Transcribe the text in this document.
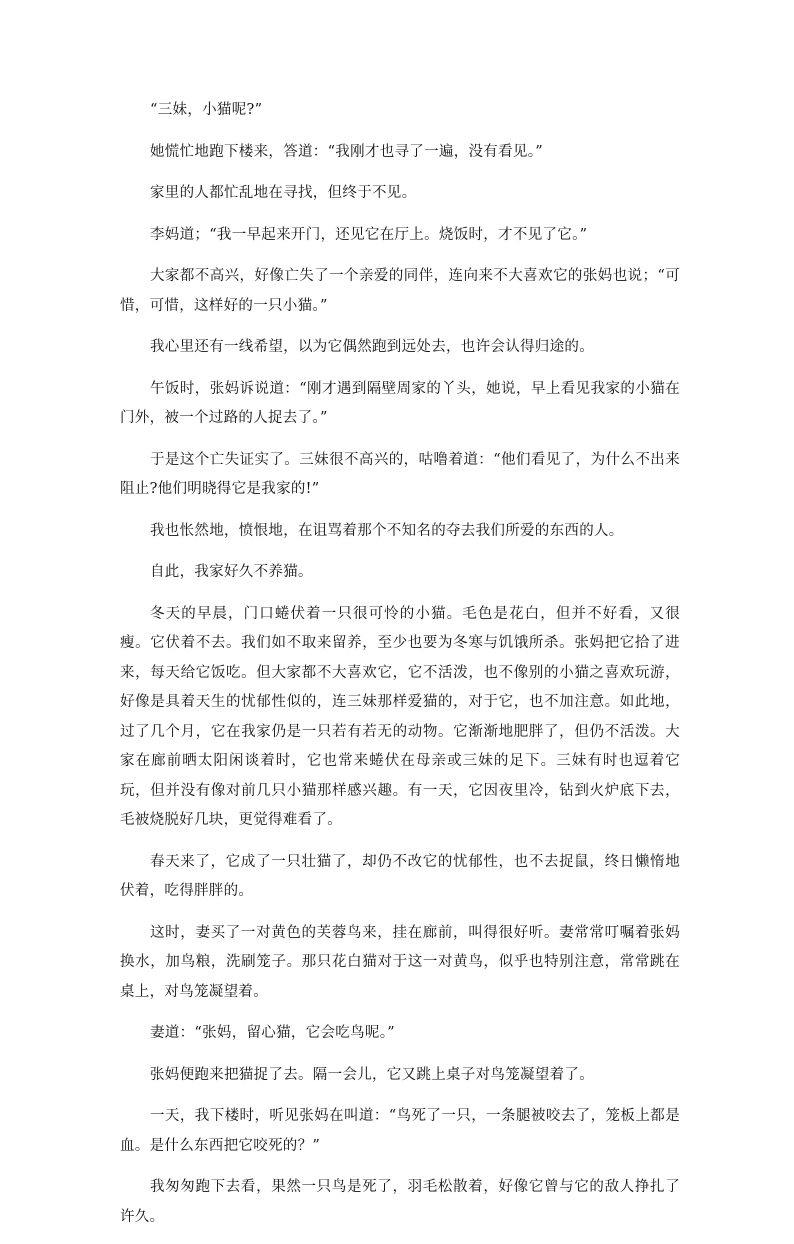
“三妹，小猫呢?”

她慌忙地跑下楼来，答道：“我刚才也寻了一遍，没有看见。”

家里的人都忙乱地在寻找，但终于不见。

李妈道；“我一早起来开门，还见它在厅上。烧饭时，才不见了它。”

大家都不高兴，好像亡失了一个亲爱的同伴，连向来不大喜欢它的张妈也说；“可惜，可惜，这样好的一只小猫。”

我心里还有一线希望，以为它偶然跑到远处去，也许会认得归途的。

午饭时，张妈诉说道：“刚才遇到隔壁周家的丫头，她说，早上看见我家的小猫在门外，被一个过路的人捉去了。”

于是这个亡失证实了。三妹很不高兴的，咕噜着道：“他们看见了，为什么不出来阻止?他们明晓得它是我家的!”

我也怅然地，愤恨地，在诅骂着那个不知名的夺去我们所爱的东西的人。

自此，我家好久不养猫。

冬天的早晨，门口蜷伏着一只很可怜的小猫。毛色是花白，但并不好看，又很瘦。它伏着不去。我们如不取来留养，至少也要为冬寒与饥饿所杀。张妈把它拾了进来，每天给它饭吃。但大家都不大喜欢它，它不活泼，也不像别的小猫之喜欢玩游，好像是具着天生的忧郁性似的，连三妹那样爱猫的，对于它，也不加注意。如此地，过了几个月，它在我家仍是一只若有若无的动物。它渐渐地肥胖了，但仍不活泼。大家在廊前晒太阳闲谈着时，它也常来蜷伏在母亲或三妹的足下。三妹有时也逗着它玩，但并没有像对前几只小猫那样感兴趣。有一天，它因夜里冷，钻到火炉底下去，毛被烧脱好几块，更觉得难看了。

春天来了，它成了一只壮猫了，却仍不改它的忧郁性，也不去捉鼠，终日懒惰地伏着，吃得胖胖的。

这时，妻买了一对黄色的芙蓉鸟来，挂在廊前，叫得很好听。妻常常叮嘱着张妈换水，加鸟粮，洗刷笼子。那只花白猫对于这一对黄鸟，似乎也特别注意，常常跳在桌上，对鸟笼凝望着。

妻道：“张妈，留心猫，它会吃鸟呢。”

张妈便跑来把猫捉了去。隔一会儿，它又跳上桌子对鸟笼凝望着了。

一天，我下楼时，听见张妈在叫道：“鸟死了一只，一条腿被咬去了，笼板上都是血。是什么东西把它咬死的？”

我匆匆跑下去看，果然一只鸟是死了，羽毛松散着，好像它曾与它的敌人挣扎了许久。
